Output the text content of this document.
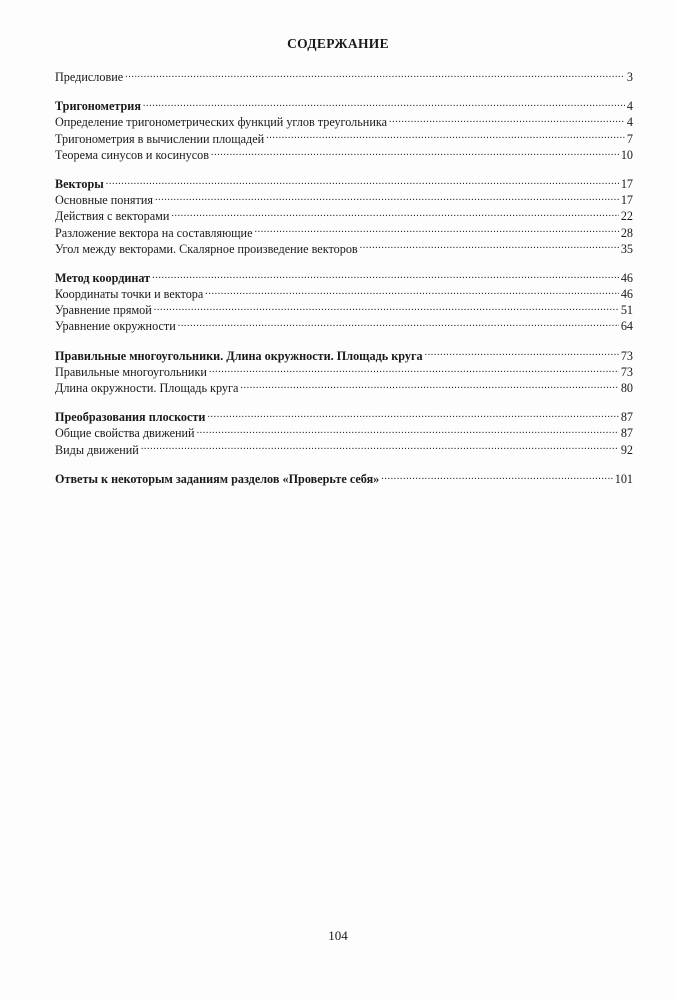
СОДЕРЖАНИЕ
Предисловие .....	3
Тригонометрия .....	4
Определение тригонометрических функций углов треугольника .....	4
Тригонометрия в вычислении площадей .....	7
Теорема синусов и косинусов .....	10
Векторы .....	17
Основные понятия .....	17
Действия с векторами .....	22
Разложение вектора на составляющие .....	28
Угол между векторами. Скалярное произведение векторов .....	35
Метод координат .....	46
Координаты точки и вектора .....	46
Уравнение прямой .....	51
Уравнение окружности .....	64
Правильные многоугольники. Длина окружности. Площадь круга .....	73
Правильные многоугольники .....	73
Длина окружности. Площадь круга .....	80
Преобразования плоскости .....	87
Общие свойства движений .....	87
Виды движений .....	92
Ответы к некоторым заданиям разделов «Проверьте себя» .....	101
104
